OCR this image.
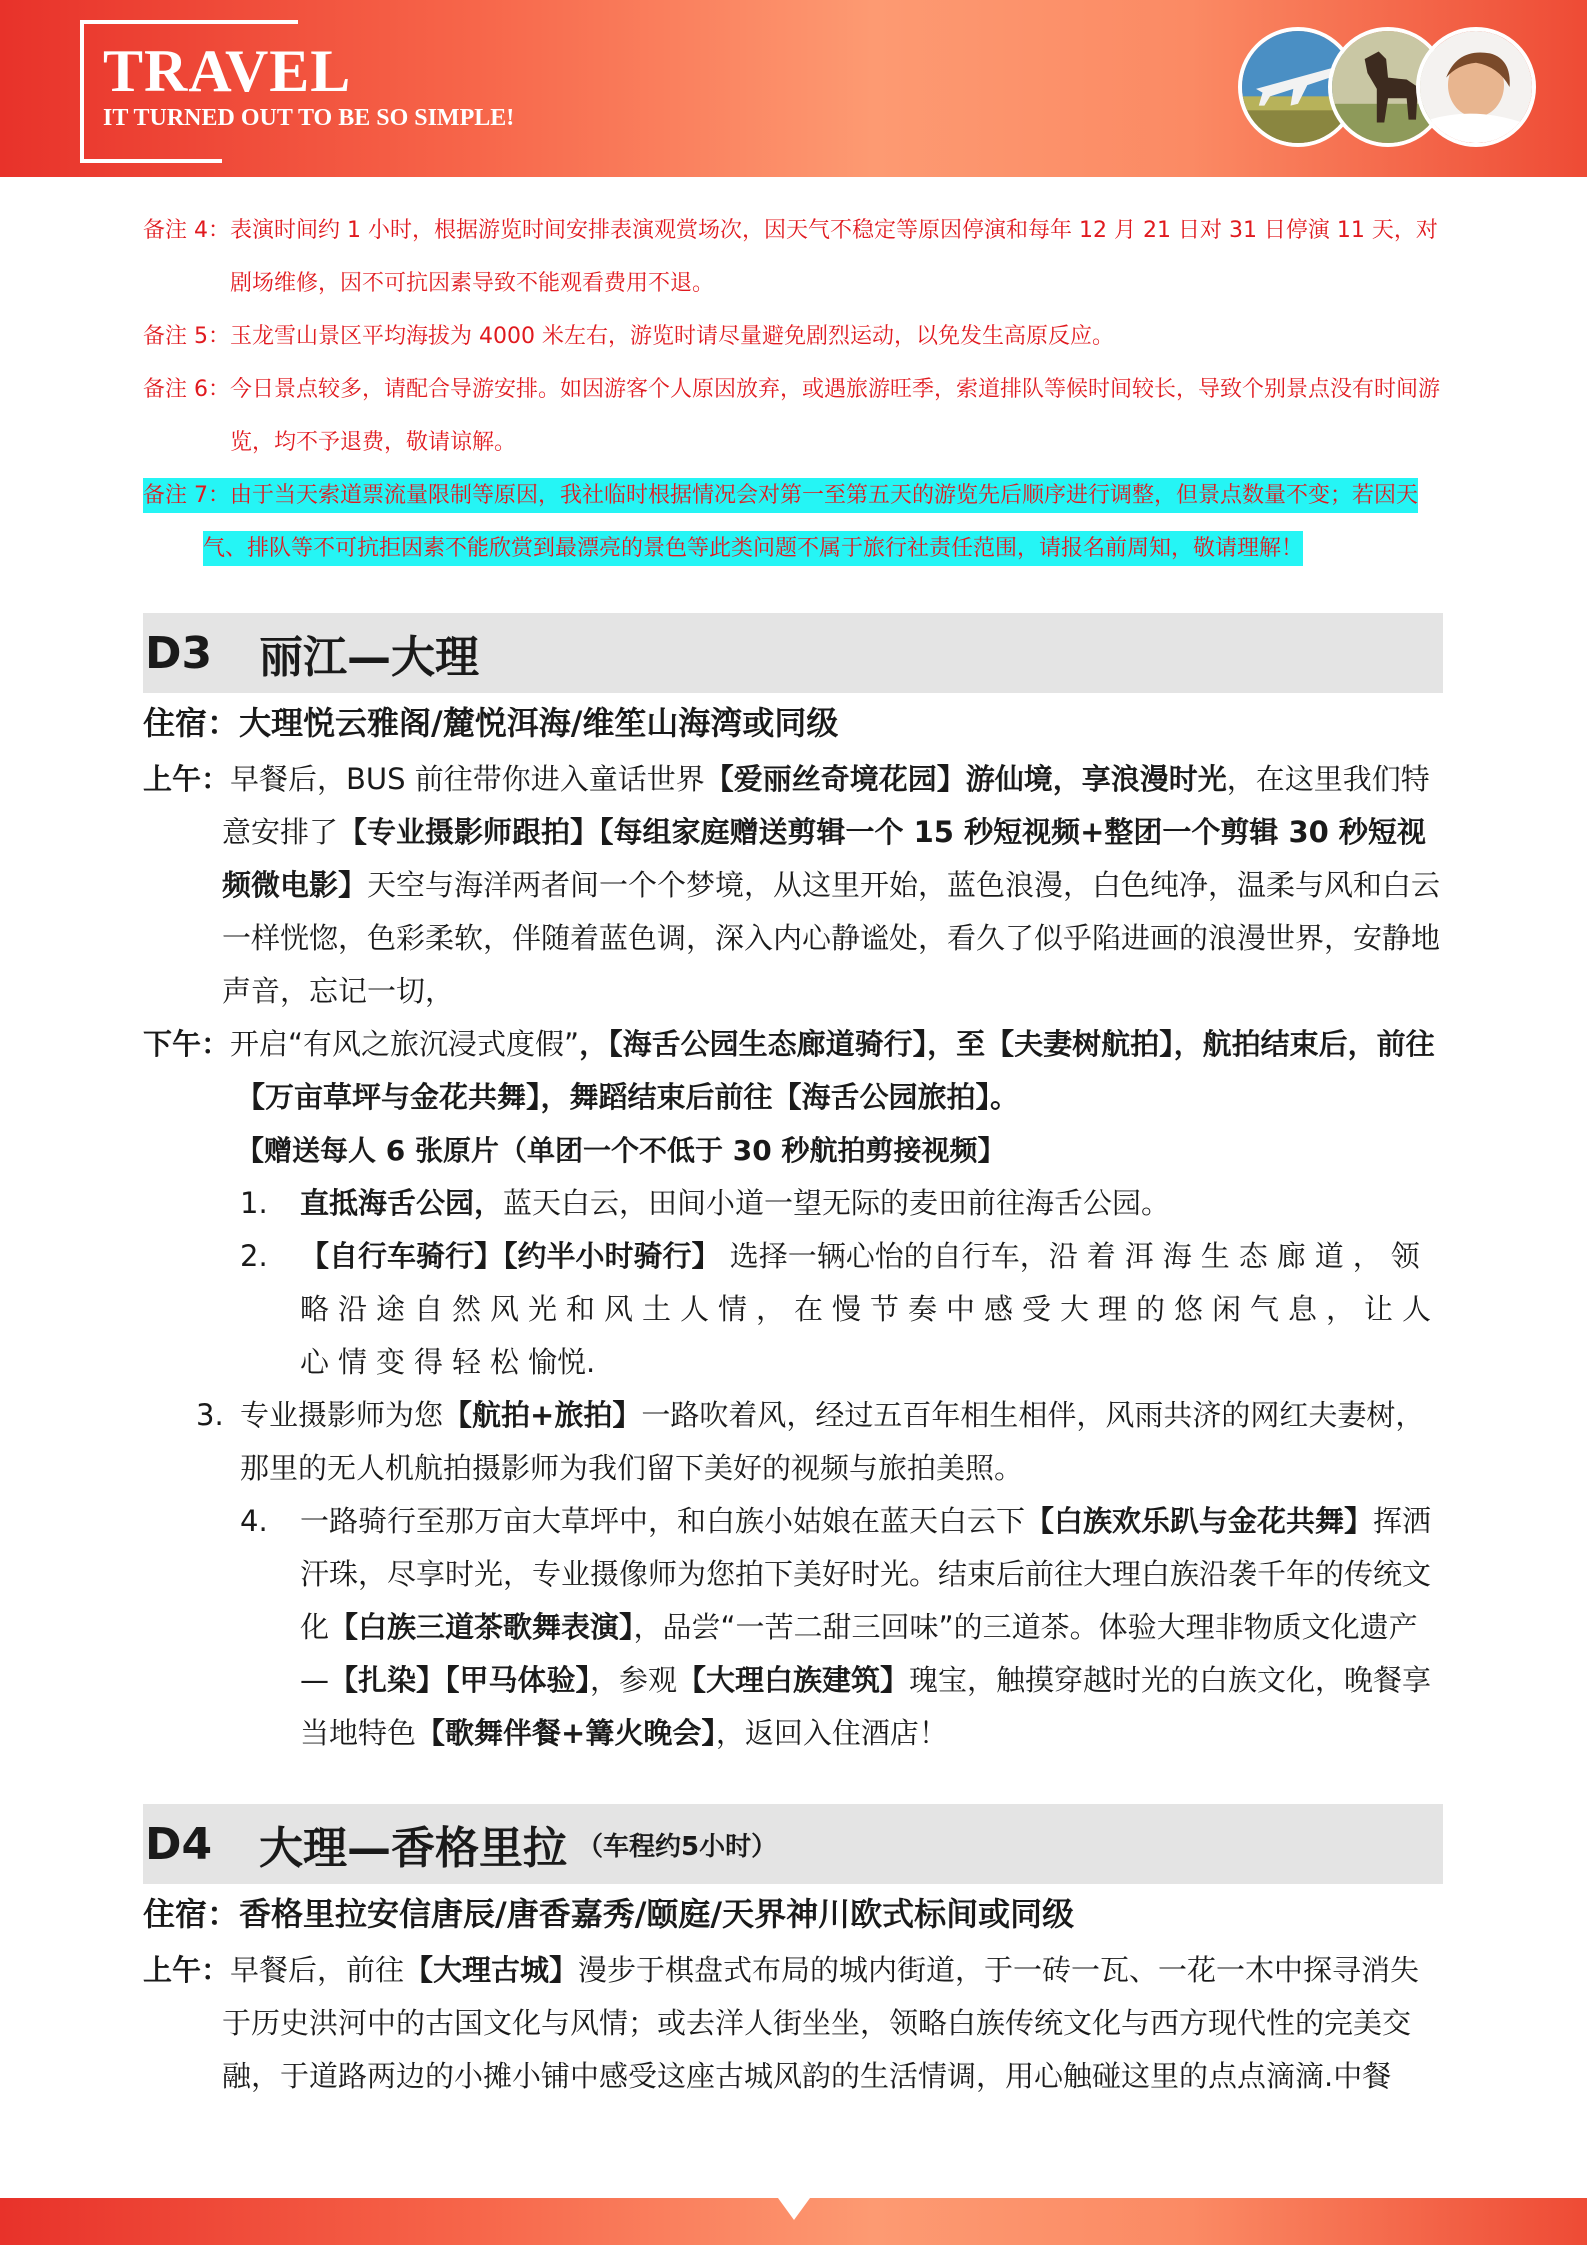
TRAVEL
IT TURNED OUT TO BE SO SIMPLE!

备注 4：表演时间约 1 小时，根据游览时间安排表演观赏场次，因天气不稳定等原因停演和每年 12 月 21 日对 31 日停演 11 天，对剧场维修，因不可抗因素导致不能观看费用不退。

备注 5：玉龙雪山景区平均海拔为 4000 米左右，游览时请尽量避免剧烈运动，以免发生高原反应。

备注 6：今日景点较多，请配合导游安排。如因游客个人原因放弃，或遇旅游旺季，索道排队等候时间较长，导致个别景点没有时间游览，均不予退费，敬请谅解。

备注 7：由于当天索道票流量限制等原因，我社临时根据情况会对第一至第五天的游览先后顺序进行调整，但景点数量不变；若因天气、排队等不可抗拒因素不能欣赏到最漂亮的景色等此类问题不属于旅行社责任范围，请报名前周知，敬请理解！

D3	丽江—大理

住宿：大理悦云雅阁/麓悦洱海/维笙山海湾或同级

上午：早餐后，BUS 前往带你进入童话世界【爱丽丝奇境花园】游仙境，享浪漫时光，在这里我们特意安排了【专业摄影师跟拍】【每组家庭赠送剪辑一个 15 秒短视频+整团一个剪辑 30 秒短视频微电影】天空与海洋两者间一个个梦境，从这里开始，蓝色浪漫，白色纯净，温柔与风和白云一样恍惚，色彩柔软，伴随着蓝色调，深入内心静谧处，看久了似乎陷进画的浪漫世界，安静地声音，忘记一切，

下午：开启“有风之旅沉浸式度假”，【海舌公园生态廊道骑行】，至【夫妻树航拍】，航拍结束后，前往【万亩草坪与金花共舞】，舞蹈结束后前往【海舌公园旅拍】。

【赠送每人 6 张原片（单团一个不低于 30 秒航拍剪接视频】

1. 直抵海舌公园，蓝天白云，田间小道一望无际的麦田前往海舌公园。
2. 【自行车骑行】【约半小时骑行】 选择一辆心怡的自行车，沿着洱海生态廊道，领略沿途自然风光和风土人情，在慢节奏中感受大理的悠闲气息，让人心情变得轻松愉悦.
3. 专业摄影师为您【航拍+旅拍】一路吹着风，经过五百年相生相伴，风雨共济的网红夫妻树，那里的无人机航拍摄影师为我们留下美好的视频与旅拍美照。
4. 一路骑行至那万亩大草坪中，和白族小姑娘在蓝天白云下【白族欢乐趴与金花共舞】挥洒汗珠，尽享时光，专业摄像师为您拍下美好时光。结束后前往大理白族沿袭千年的传统文化【白族三道茶歌舞表演】，品尝“一苦二甜三回味”的三道茶。体验大理非物质文化遗产—【扎染】【甲马体验】，参观【大理白族建筑】瑰宝，触摸穿越时光的白族文化，晚餐享当地特色【歌舞伴餐+篝火晚会】，返回入住酒店！
D4	大理—香格里拉 （车程约5小时）

住宿：香格里拉安信唐辰/唐香嘉秀/颐庭/天界神川欧式标间或同级

上午：早餐后，前往【大理古城】漫步于棋盘式布局的城内街道，于一砖一瓦、一花一木中探寻消失于历史洪河中的古国文化与风情；或去洋人街坐坐，领略白族传统文化与西方现代性的完美交融，于道路两边的小摊小铺中感受这座古城风韵的生活情调，用心触碰这里的点点滴滴.中餐
